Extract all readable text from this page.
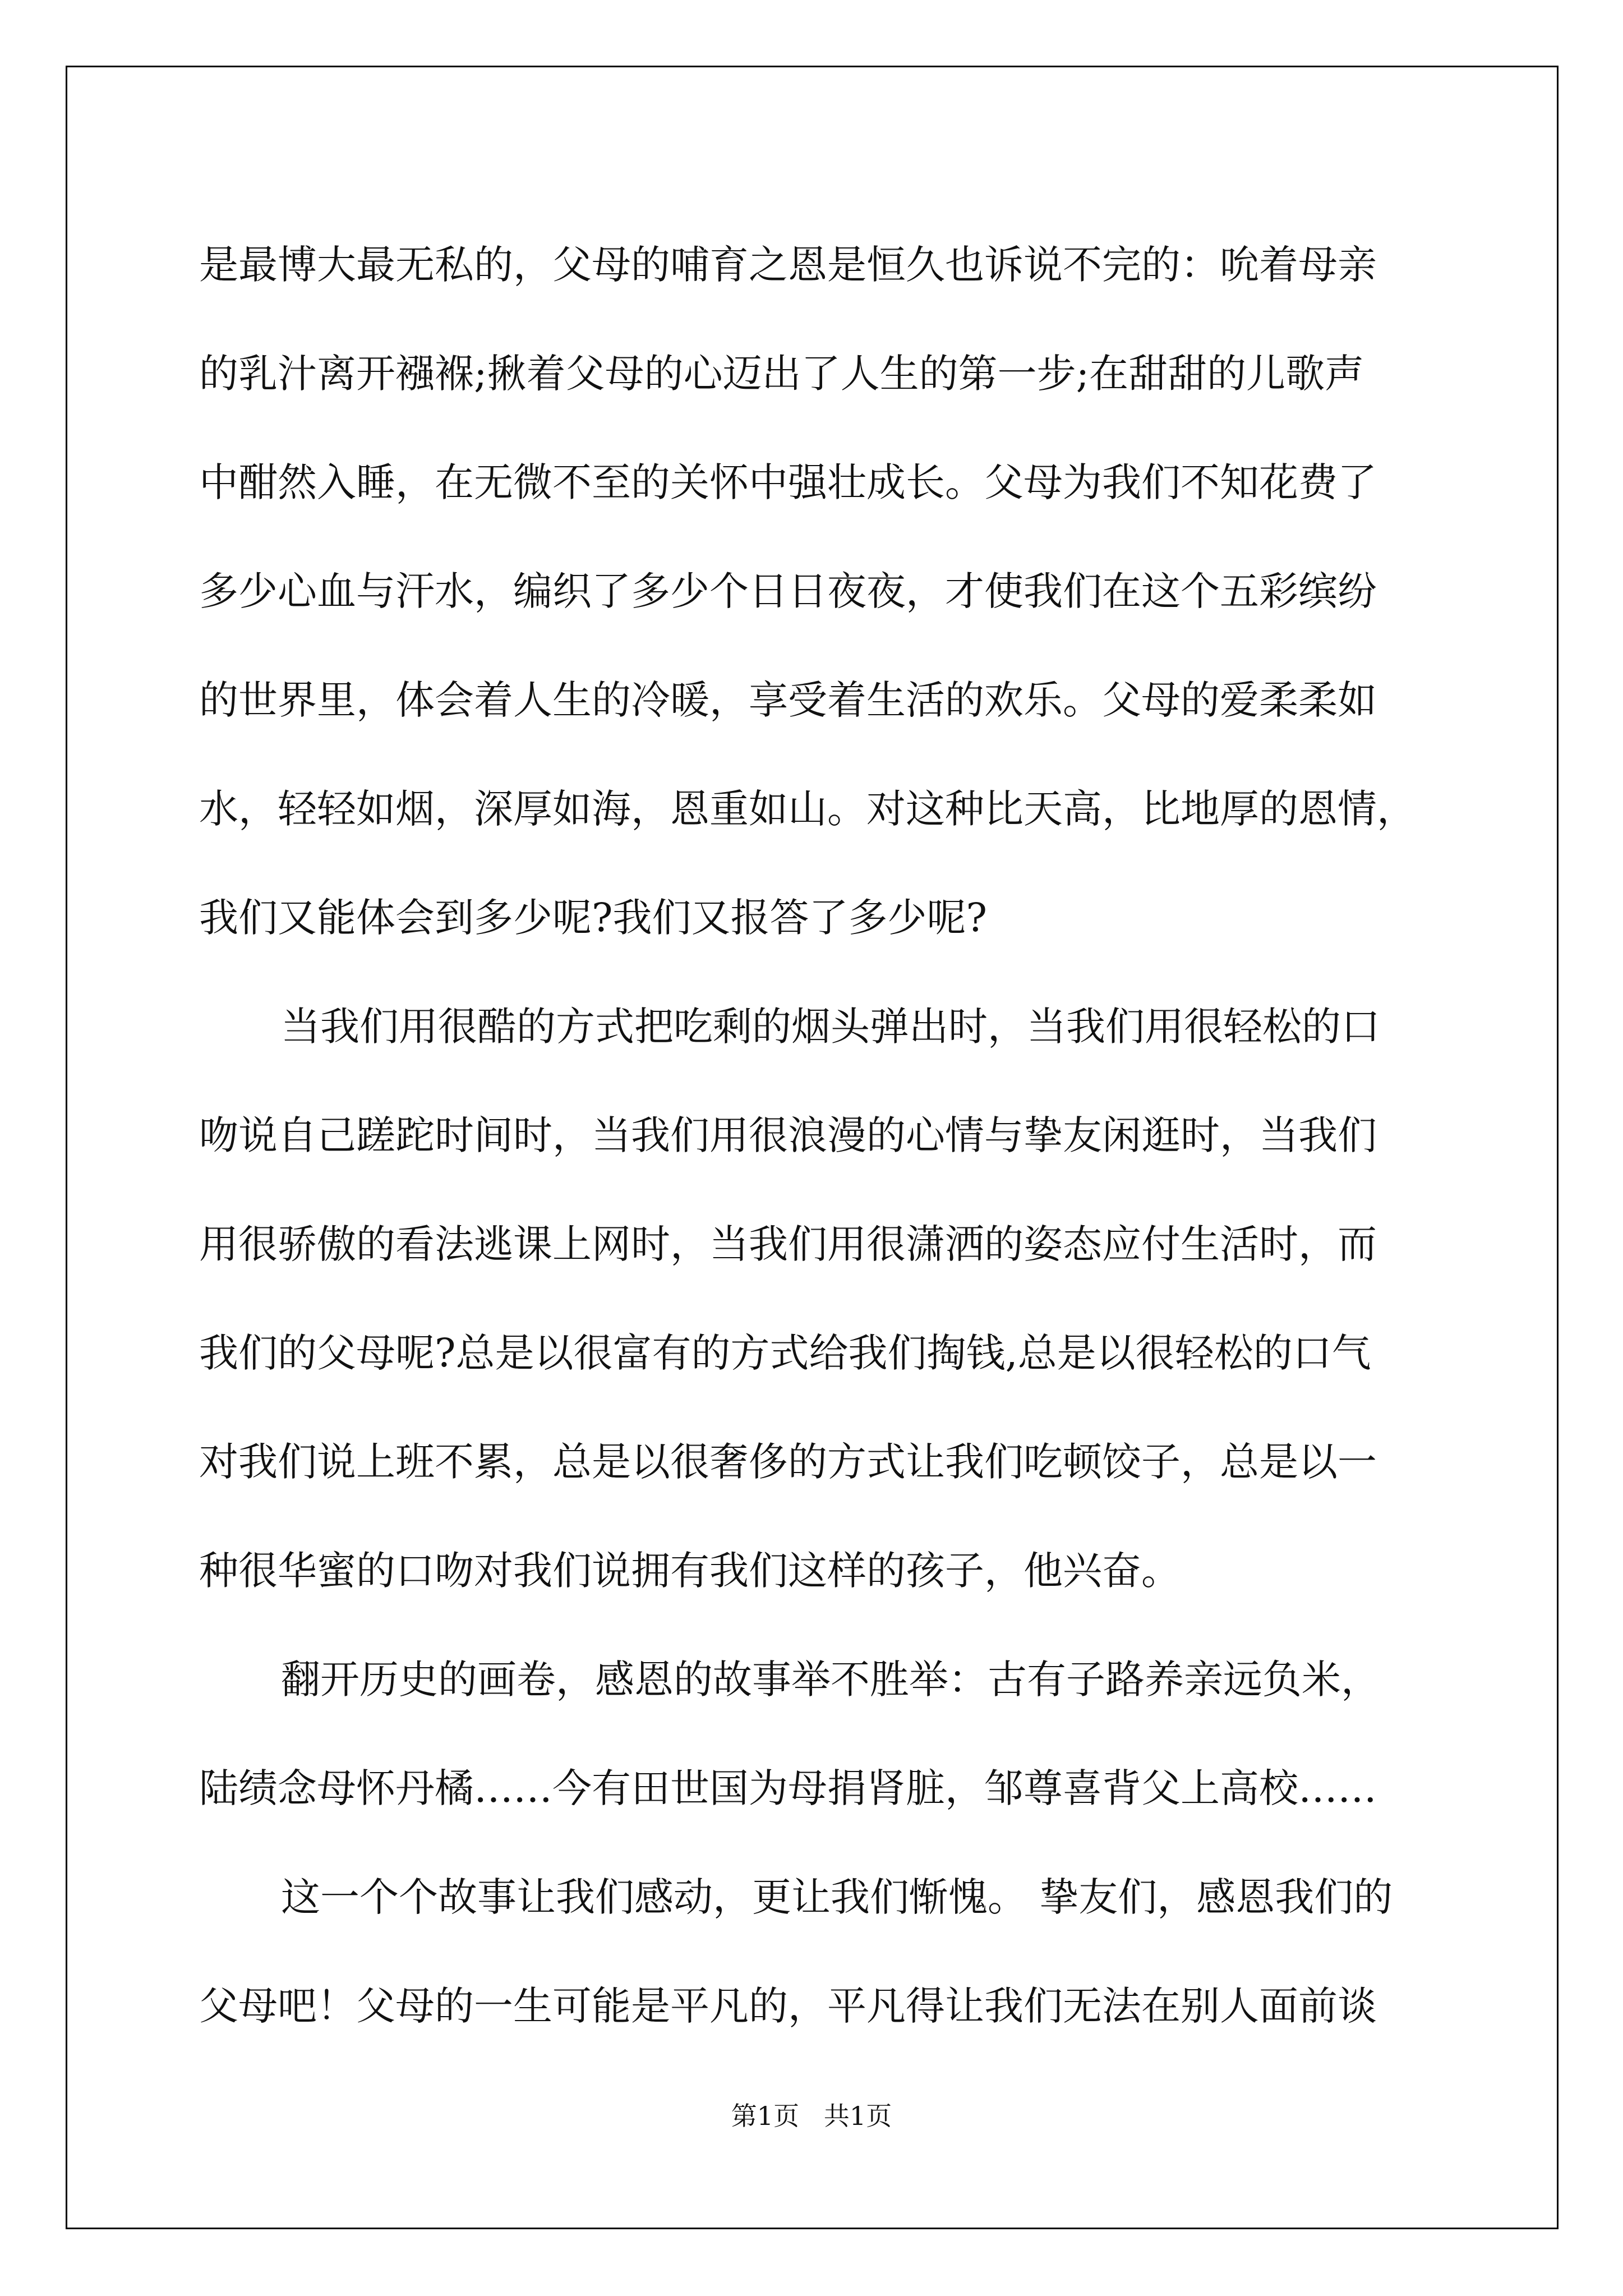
是最博大最无私的，父母的哺育之恩是恒久也诉说不完的：吮着母亲
的乳汁离开襁褓;揪着父母的心迈出了人生的第一步;在甜甜的儿歌声
中酣然入睡，在无微不至的关怀中强壮成长。父母为我们不知花费了
多少心血与汗水，编织了多少个日日夜夜，才使我们在这个五彩缤纷
的世界里，体会着人生的冷暖，享受着生活的欢乐。父母的爱柔柔如
水，轻轻如烟，深厚如海，恩重如山。对这种比天高，比地厚的恩情，
我们又能体会到多少呢?我们又报答了多少呢?
当我们用很酷的方式把吃剩的烟头弹出时，当我们用很轻松的口
吻说自己蹉跎时间时，当我们用很浪漫的心情与挚友闲逛时，当我们
用很骄傲的看法逃课上网时，当我们用很潇洒的姿态应付生活时，而
我们的父母呢?总是以很富有的方式给我们掏钱,总是以很轻松的口气
对我们说上班不累，总是以很奢侈的方式让我们吃顿饺子，总是以一
种很华蜜的口吻对我们说拥有我们这样的孩子，他兴奋。
翻开历史的画卷，感恩的故事举不胜举：古有子路养亲远负米，
陆绩念母怀丹橘……今有田世国为母捐肾脏，邹尊喜背父上高校……
这一个个故事让我们感动，更让我们惭愧。 挚友们，感恩我们的
父母吧！父母的一生可能是平凡的，平凡得让我们无法在别人面前谈
第1页   共1页
